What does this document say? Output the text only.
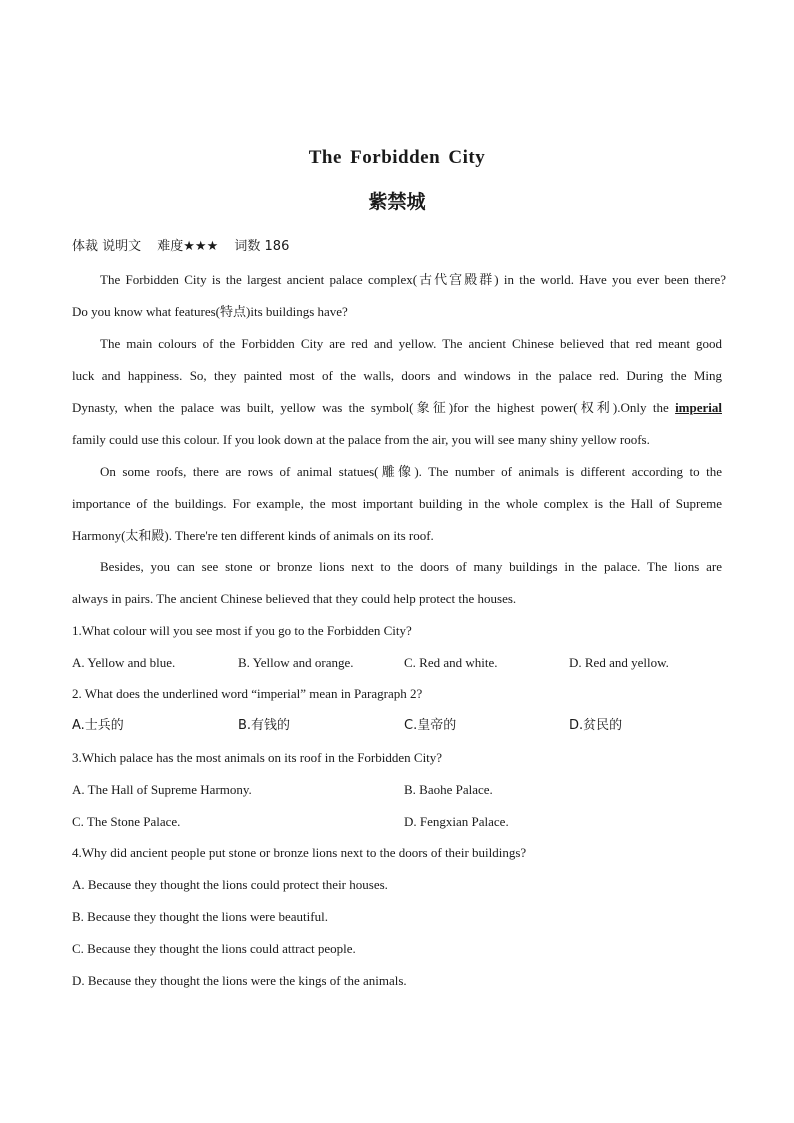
The Forbidden City
紫禁城
体裁 说明文 难度★★★ 词数 186
The Forbidden City is the largest ancient palace complex(古代宫殿群) in the world. Have you ever been there?
Do you know what features(特点)its buildings have?
The main colours of the Forbidden City are red and yellow. The ancient Chinese believed that red meant good
luck and happiness. So, they painted most of the walls, doors and windows in the palace red. During the Ming
Dynasty, when the palace was built, yellow was the symbol(象征)for the highest power(权利).Only the imperial
family could use this colour. If you look down at the palace from the air, you will see many shiny yellow roofs.
On some roofs, there are rows of animal statues(雕像). The number of animals is different according to the
importance of the buildings. For example, the most important building in the whole complex is the Hall of Supreme
Harmony(太和殿). There're ten different kinds of animals on its roof.
Besides, you can see stone or bronze lions next to the doors of many buildings in the palace. The lions are
always in pairs. The ancient Chinese believed that they could help protect the houses.
1.What colour will you see most if you go to the Forbidden City?
A. Yellow and blue.	B. Yellow and orange.	C. Red and white.	D. Red and yellow.
2. What does the underlined word “imperial” mean in Paragraph 2?
A.士兵的	B.有钱的	C.皇帝的	D.贫民的
3.Which palace has the most animals on its roof in the Forbidden City?
A. The Hall of Supreme Harmony.	B. Baohe Palace.
C. The Stone Palace.	D. Fengxian Palace.
4.Why did ancient people put stone or bronze lions next to the doors of their buildings?
A. Because they thought the lions could protect their houses.
B. Because they thought the lions were beautiful.
C. Because they thought the lions could attract people.
D. Because they thought the lions were the kings of the animals.
